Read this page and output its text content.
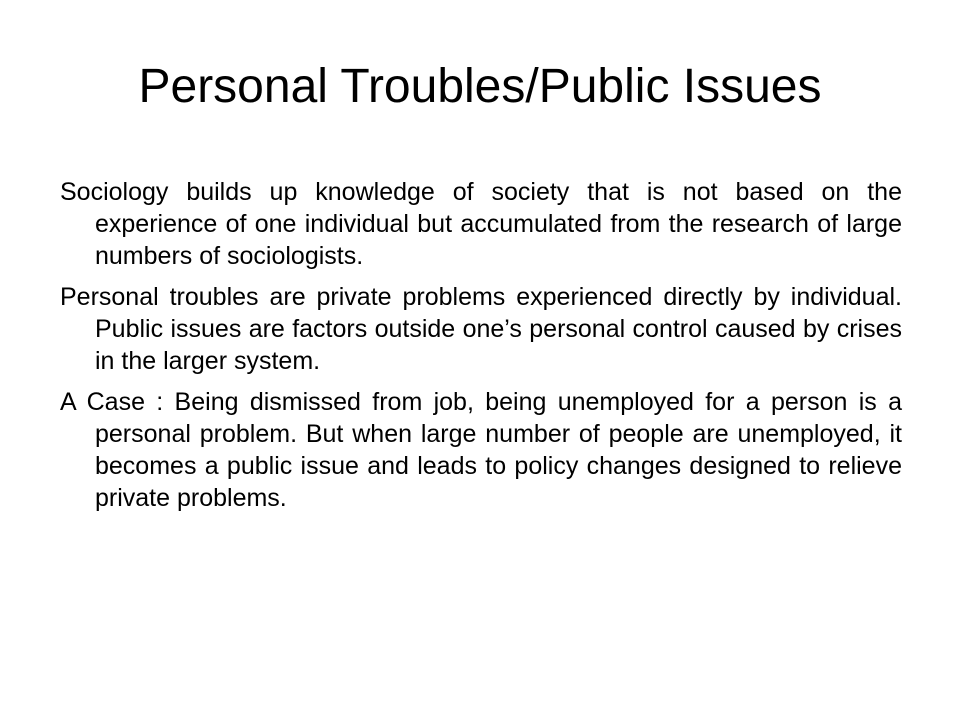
Personal Troubles/Public Issues
Sociology builds up knowledge of society that is not based on the experience of one individual but accumulated from the research of large numbers of sociologists.
Personal troubles are private problems experienced directly by individual. Public issues are factors outside one’s personal control caused by crises in the larger system.
A Case : Being dismissed from job, being unemployed for a person is a personal problem. But when large number of people are unemployed, it becomes a public issue and leads to policy changes designed to relieve private problems.
